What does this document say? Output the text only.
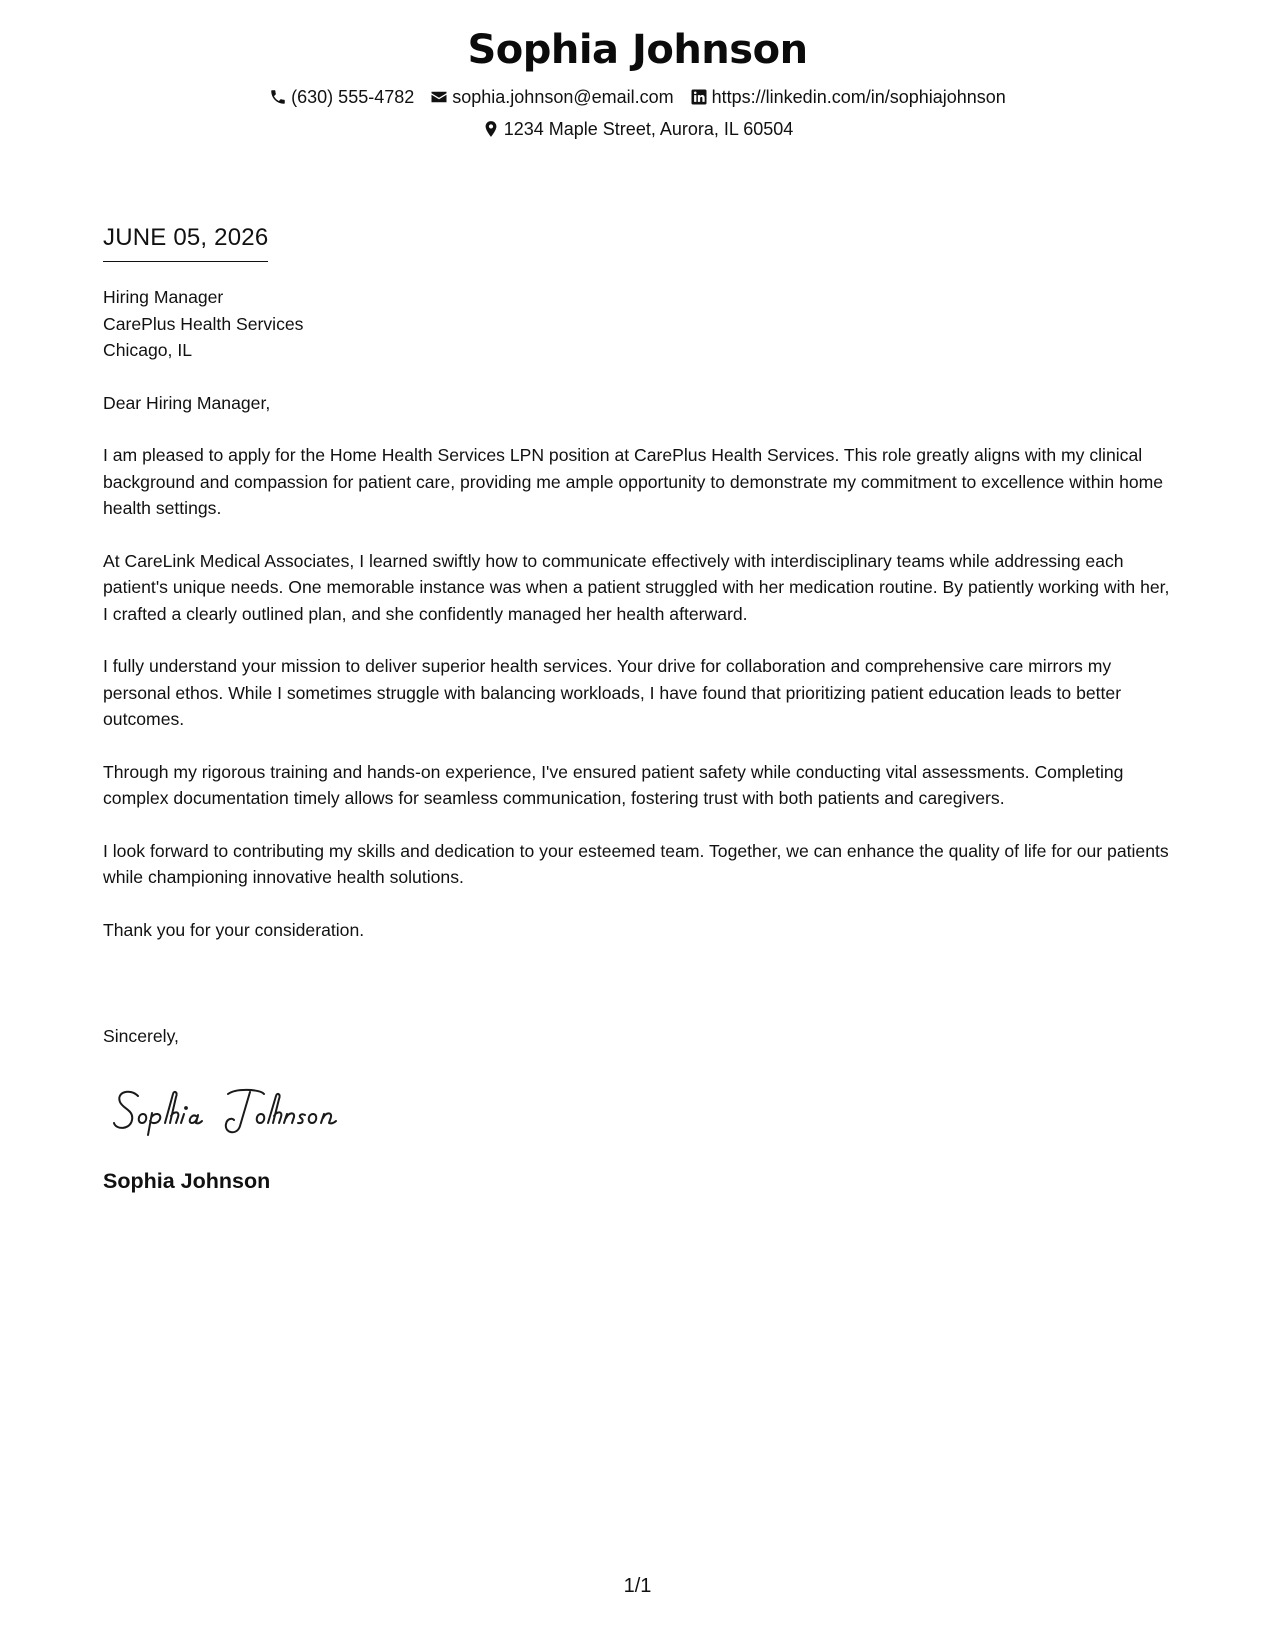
Sophia Johnson
(630) 555-4782 sophia.johnson@email.com https://linkedin.com/in/sophiajohnson
1234 Maple Street, Aurora, IL 60504
JUNE 05, 2026
Hiring Manager
CarePlus Health Services
Chicago, IL
Dear Hiring Manager,

I am pleased to apply for the Home Health Services LPN position at CarePlus Health Services. This role greatly aligns with my clinical background and compassion for patient care, providing me ample opportunity to demonstrate my commitment to excellence within home health settings.

At CareLink Medical Associates, I learned swiftly how to communicate effectively with interdisciplinary teams while addressing each patient's unique needs. One memorable instance was when a patient struggled with her medication routine. By patiently working with her, I crafted a clearly outlined plan, and she confidently managed her health afterward.

I fully understand your mission to deliver superior health services. Your drive for collaboration and comprehensive care mirrors my personal ethos. While I sometimes struggle with balancing workloads, I have found that prioritizing patient education leads to better outcomes.

Through my rigorous training and hands-on experience, I've ensured patient safety while conducting vital assessments. Completing complex documentation timely allows for seamless communication, fostering trust with both patients and caregivers.

I look forward to contributing my skills and dedication to your esteemed team. Together, we can enhance the quality of life for our patients while championing innovative health solutions.

Thank you for your consideration.

Sincerely,
Sophia Johnson
1/1
